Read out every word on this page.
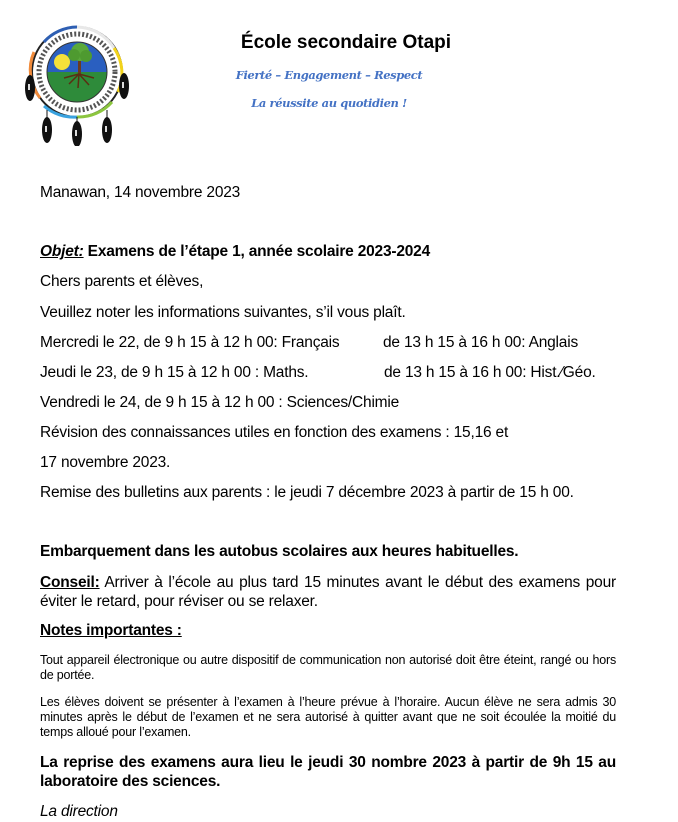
École secondaire Otapi
Fierté – Engagement – Respect
La réussite au quotidien !
Manawan, 14 novembre 2023
Objet: Examens de l’étape 1, année scolaire 2023-2024
Chers parents et élèves,
Veuillez noter les informations suivantes, s’il vous plaît.
Mercredi le 22, de 9 h 15 à 12 h 00: Français	de 13 h 15 à 16 h 00: Anglais
Jeudi le 23, de 9 h 15 à 12 h 00 : Maths.	de 13 h 15 à 16 h 00: Hist.⁄Géo.
Vendredi le 24, de 9 h 15 à 12 h 00 : Sciences/Chimie
Révision des connaissances utiles en fonction des examens : 15,16 et
17 novembre 2023.
Remise des bulletins aux parents : le jeudi 7 décembre 2023 à partir de 15 h 00.
Embarquement dans les autobus scolaires aux heures habituelles.
Conseil: Arriver à l’école au plus tard 15 minutes avant le début des examens pour éviter le retard, pour réviser ou se relaxer.
Notes importantes :
Tout appareil électronique ou autre dispositif de communication non autorisé doit être éteint, rangé ou hors de portée.
Les élèves doivent se présenter à l’examen à l’heure prévue à l’horaire. Aucun élève ne sera admis 30 minutes après le début de l’examen et ne sera autorisé à quitter avant que ne soit écoulée la moitié du temps alloué pour l’examen.
La reprise des examens aura lieu le jeudi 30 nombre 2023 à partir de 9h 15 au laboratoire des sciences.
La direction
